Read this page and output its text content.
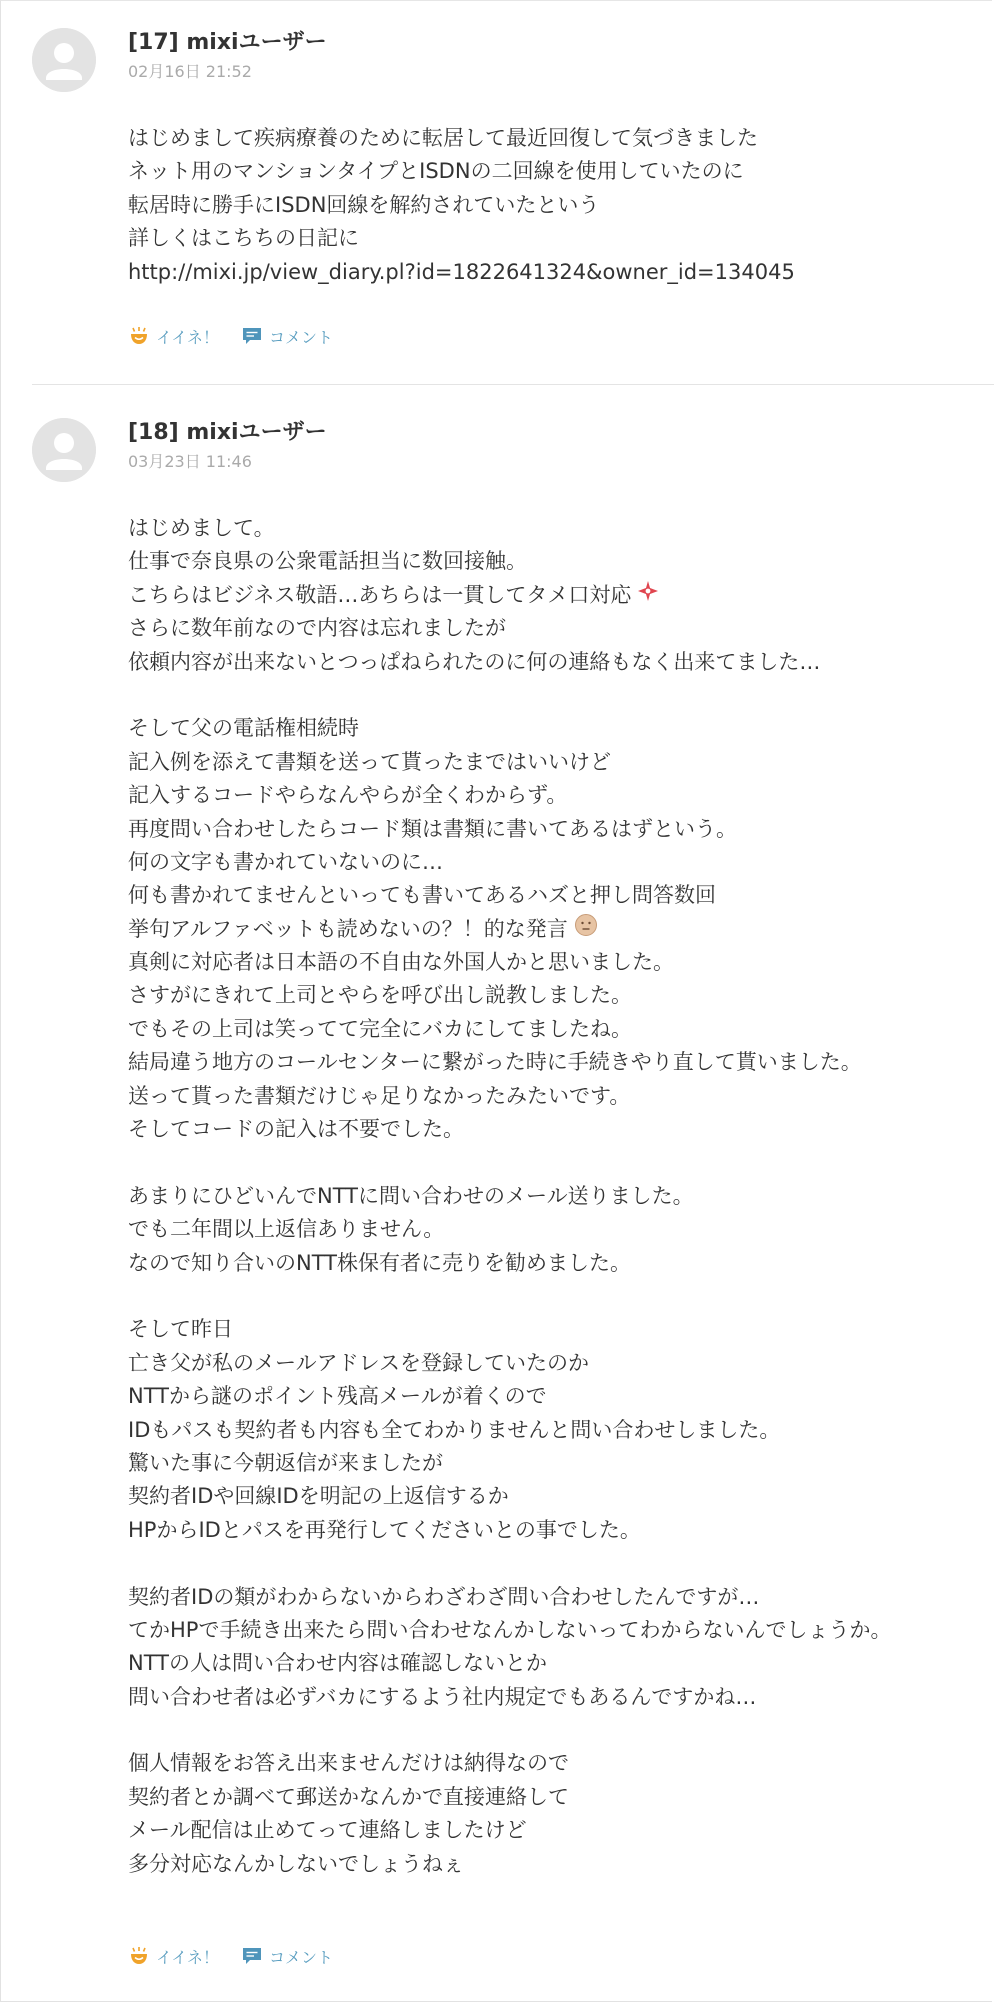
[17] mixiユーザー
02月16日 21:52
はじめまして疾病療養のために転居して最近回復して気づきました
ネット用のマンションタイプとISDNの二回線を使用していたのに
転居時に勝手にISDN回線を解約されていたという
詳しくはこちちの日記に
http://mixi.jp/view_diary.pl?id=1822641324&owner_id=134045
イイネ！	コメント
[18] mixiユーザー
03月23日 11:46
はじめまして。
仕事で奈良県の公衆電話担当に数回接触。
こちらはビジネス敬語…あちらは一貫してタメ口対応
さらに数年前なので内容は忘れましたが
依頼内容が出来ないとつっぱねられたのに何の連絡もなく出来てました…
そして父の電話権相続時
記入例を添えて書類を送って貰ったまではいいけど
記入するコードやらなんやらが全くわからず。
再度問い合わせしたらコード類は書類に書いてあるはずという。
何の文字も書かれていないのに…
何も書かれてませんといっても書いてあるハズと押し問答数回
挙句アルファベットも読めないの？！的な発言
真剣に対応者は日本語の不自由な外国人かと思いました。
さすがにきれて上司とやらを呼び出し説教しました。
でもその上司は笑ってて完全にバカにしてましたね。
結局違う地方のコールセンターに繋がった時に手続きやり直して貰いました。
送って貰った書類だけじゃ足りなかったみたいです。
そしてコードの記入は不要でした。
あまりにひどいんでNTTに問い合わせのメール送りました。
でも二年間以上返信ありません。
なので知り合いのNTT株保有者に売りを勧めました。
そして昨日
亡き父が私のメールアドレスを登録していたのか
NTTから謎のポイント残高メールが着くので
IDもパスも契約者も内容も全てわかりませんと問い合わせしました。
驚いた事に今朝返信が来ましたが
契約者IDや回線IDを明記の上返信するか
HPからIDとパスを再発行してくださいとの事でした。
契約者IDの類がわからないからわざわざ問い合わせしたんですが…
てかHPで手続き出来たら問い合わせなんかしないってわからないんでしょうか。
NTTの人は問い合わせ内容は確認しないとか
問い合わせ者は必ずバカにするよう社内規定でもあるんですかね…
個人情報をお答え出来ませんだけは納得なので
契約者とか調べて郵送かなんかで直接連絡して
メール配信は止めてって連絡しましたけど
多分対応なんかしないでしょうねぇ
イイネ！	コメント
